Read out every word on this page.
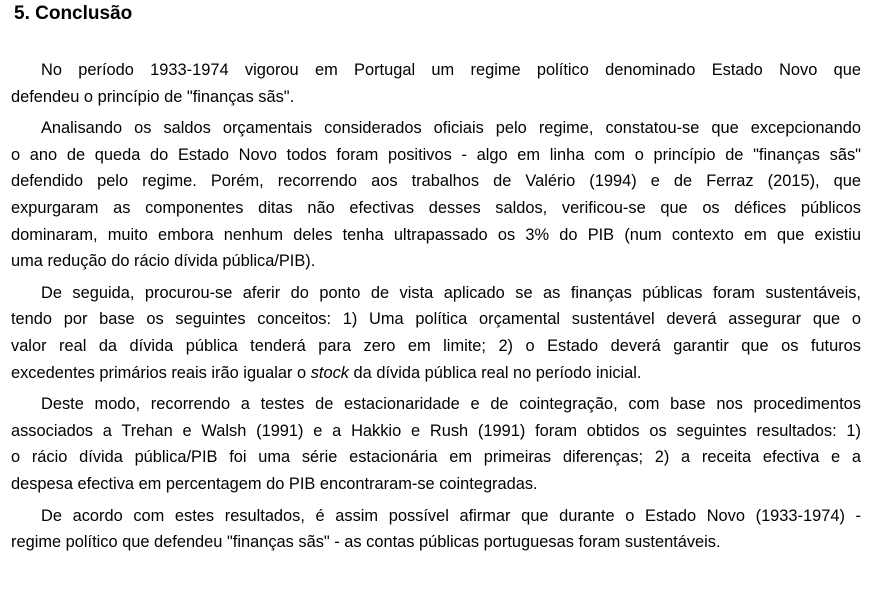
5. Conclusão

No período 1933-1974 vigorou em Portugal um regime político denominado Estado Novo que
defendeu o princípio de "finanças sãs".

Analisando os saldos orçamentais considerados oficiais pelo regime, constatou-se que excepcionando
o ano de queda do Estado Novo todos foram positivos - algo em linha com o princípio de "finanças sãs"
defendido pelo regime. Porém, recorrendo aos trabalhos de Valério (1994) e de Ferraz (2015), que
expurgaram as componentes ditas não efectivas desses saldos, verificou-se que os défices públicos
dominaram, muito embora nenhum deles tenha ultrapassado os 3% do PIB (num contexto em que existiu
uma redução do rácio dívida pública/PIB).

De seguida, procurou-se aferir do ponto de vista aplicado se as finanças públicas foram sustentáveis,
tendo por base os seguintes conceitos: 1) Uma política orçamental sustentável deverá assegurar que o
valor real da dívida pública tenderá para zero em limite; 2) o Estado deverá garantir que os futuros
excedentes primários reais irão igualar o stock da dívida pública real no período inicial.

Deste modo, recorrendo a testes de estacionaridade e de cointegração, com base nos procedimentos
associados a Trehan e Walsh (1991) e a Hakkio e Rush (1991) foram obtidos os seguintes resultados: 1)
o rácio dívida pública/PIB foi uma série estacionária em primeiras diferenças; 2) a receita efectiva e a
despesa efectiva em percentagem do PIB encontraram-se cointegradas.

De acordo com estes resultados, é assim possível afirmar que durante o Estado Novo (1933-1974) -
regime político que defendeu "finanças sãs" - as contas públicas portuguesas foram sustentáveis.
